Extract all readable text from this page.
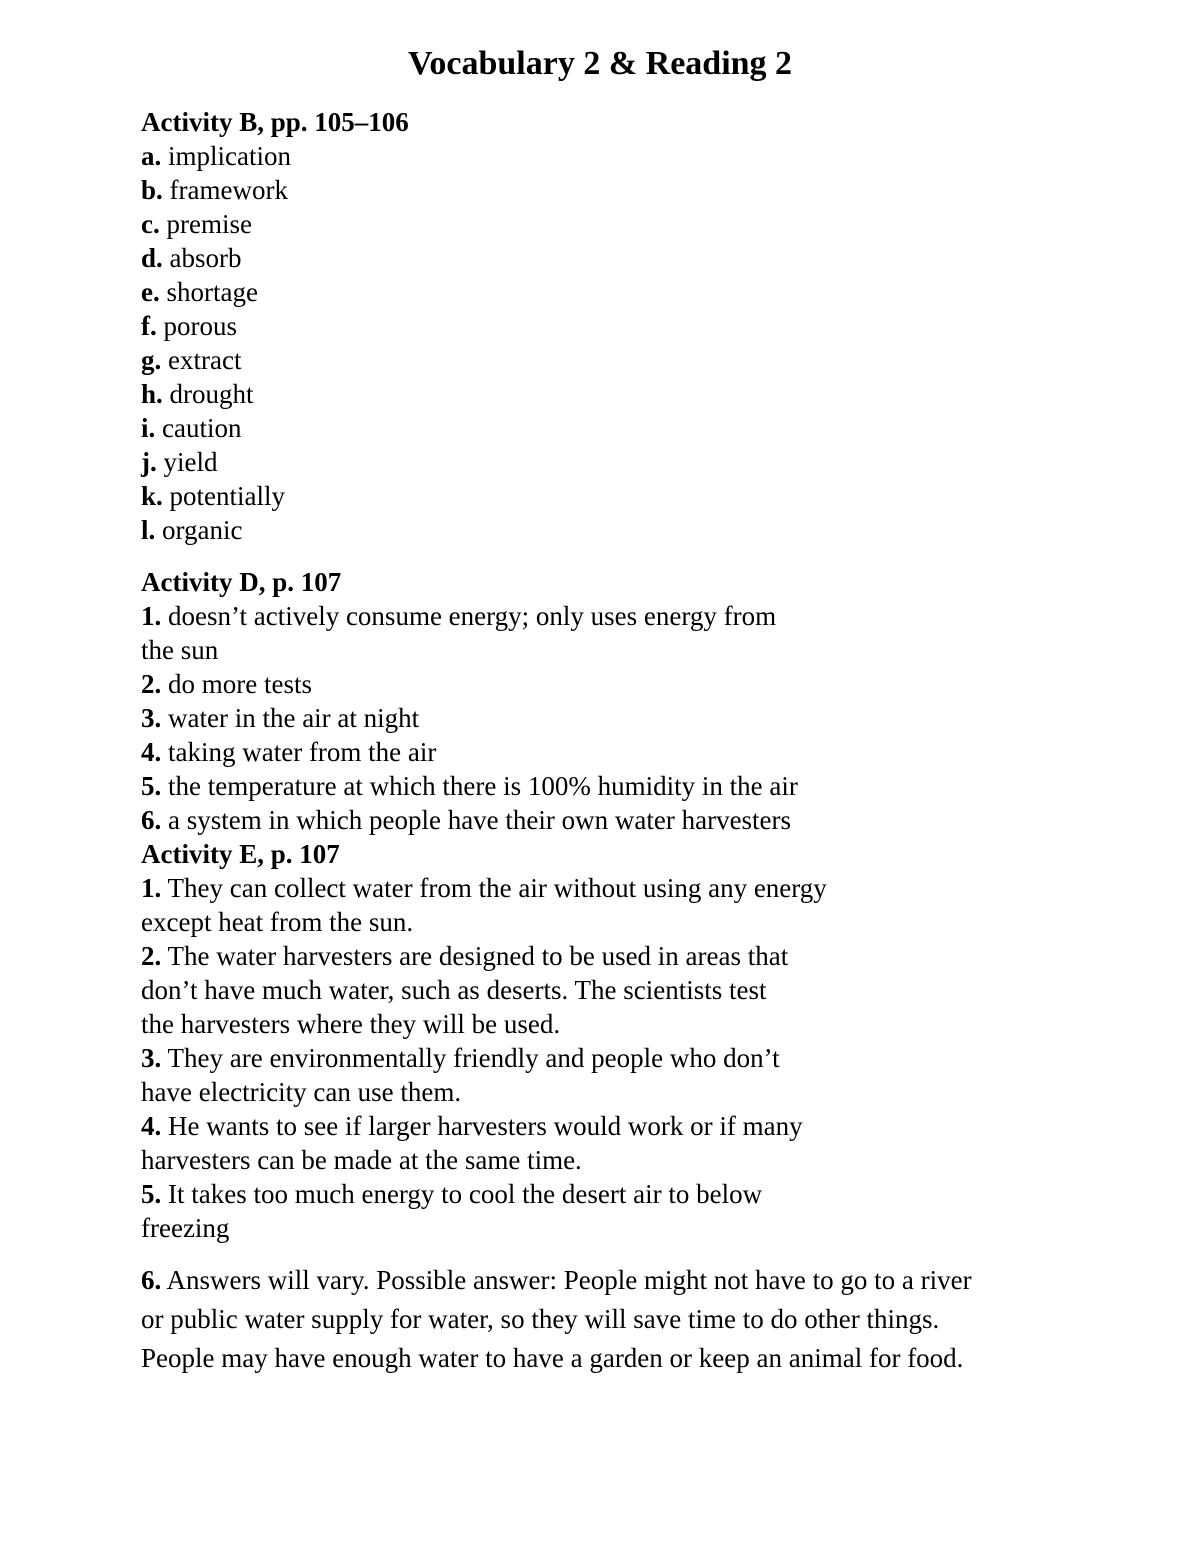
Vocabulary 2 & Reading 2
Activity B, pp. 105–106
a. implication
b. framework
c. premise
d. absorb
e. shortage
f. porous
g. extract
h. drought
i. caution
j. yield
k. potentially
l. organic
Activity D, p. 107
1. doesn’t actively consume energy; only uses energy from
the sun
2. do more tests
3. water in the air at night
4. taking water from the air
5. the temperature at which there is 100% humidity in the air
6. a system in which people have their own water harvesters
Activity E, p. 107
1. They can collect water from the air without using any energy
except heat from the sun.
2. The water harvesters are designed to be used in areas that
don’t have much water, such as deserts. The scientists test
the harvesters where they will be used.
3. They are environmentally friendly and people who don’t
have electricity can use them.
4. He wants to see if larger harvesters would work or if many
harvesters can be made at the same time.
5. It takes too much energy to cool the desert air to below
freezing
6. Answers will vary. Possible answer: People might not have to go to a river
or public water supply for water, so they will save time to do other things.
People may have enough water to have a garden or keep an animal for food.
